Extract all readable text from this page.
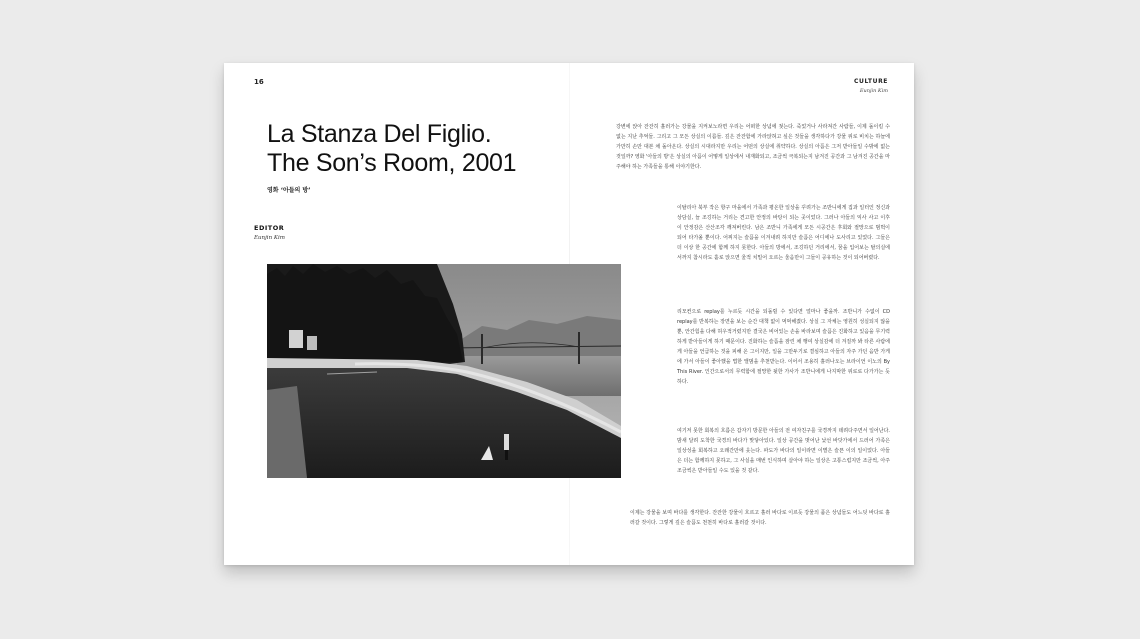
16	CULTURE
Eunjin Kim
La Stanza Del Figlio.
The Son’s Room, 2001
영화 ‘아들의 방’
EDITOR
Eunjin Kim
강변에 앉아 잔잔히 흘러가는 강물을 지켜보노라면 우리는 어떠한 상념에 젖는다. 죽었거나 사라져간 사람들, 이제 돌이킬 수 없는 지난 추억들. 그리고 그 모든 상실의 이름들. 깊은 잔잔함에 가라앉혀고 싶은 것들을 생각하다가 강물 위로 비치는 하늘에 가만히 손만 대본 채 돌아온다. 상실의 시대라지만 우리는 어떤의 상실에 취약하다. 상실의 아픔은 그저 받아들일 수밖에 없는 것일까? 영화 '아들의 방'은 상실의 아픔이 어떻게 일상에서 내재화되고, 조금씩 극복되는지 남겨진 공간과 그 남겨진 공간을 마주해야 하는 가족들을 통해 이야기한다.
이탈리아 북부 작은 항구 마을에서 가족과 평온한 일상을 꾸려가는 조반니에게 집과 일터인 정신과 상담실, 늘 조깅하는 거리는 견고한 안정의 바탕이 되는 곳이었다. 그러나 아들의 익사 사고 이후 이 안정감은 산산조각 깨져버린다. 남은 조반니 가족에게 모든 시공간은 후회와 절망으로 범벅이 되어 타가올 뿐이다. 어찌지는 슬픔을 이겨내려 하지만 슬픔은 어디에나 도사리고 있었다. 그들은 더 이상 한 공간에 함께 하지 못한다. 아들의 방에서, 조깅하던 거리에서, 꿈을 입어보는 탈의실에서까지 참시라도 홀로 앉으면 울적 치밀어 오르는 울음만이 그들이 공유하는 것이 되어버렸다.
리모컨으로 replay를 누르듯 시간을 되돌릴 수 있다면 얼마나 좋을까. 조반니가 수없이 CD replay를 반복하는 장면을 보는 순간 대책 없이 먹먹해졌다. 상실 그 자체는 영원히 성실되지 않을뿐, 안간힘을 다해 허우적거렸지만 결국은 비어있는 손을 바라보며 슬픔은 진화하고 있음을 무기력하게 받아들이게 하기 때문이다. 진화하는 슬픔을 잠린 채 행여 상실감에 더 겨질까 봐 타른 사람에게 아들을 언급하는 것을 피해 온 그이지만, 일을 그만두기로 결심하고 아들의 자주 가던 음반 가게에 가서 아들이 좋아했을 법한 앨범을 추천받는다. 이어서 조용히 흘러나오는 브라이언 이노의 By This River. 인간으로서의 무력함에 절망한 뒷한 가사가 조반니에게 나지막한 위로로 다가가는 듯하다.
여기저 못한 회복의 흐름은 갑자기 방문한 아들의 전 여자친구를 국경까지 데려다주면서 일어난다. 밤새 달려 도착한 국경의 바다가 맞닿아있다. 일상 공간을 벗어난 낯선 바닷가에서 드러어 가족은 일상성을 회복하고 오래간만에 웃는다. 파도가 바다의 일이라면 이별은 슬픈 이의 일이었다. 아들은 더는 함께하지 못하고, 그 사실을 매번 인식하며 살아야 하는 일상은 고통스럽지만 조금씩, 아주 조금씩은 받아들일 수도 있을 것 같다.
이제는 강물을 보며 바다를 생각한다. 잔잔한 강물이 흐르고 흘러 바다로 이르듯 강물의 품은 상념들도 어느덧 바다로 흘러갈 것이다. 그렇게 깊은 슬픔도 천천히 바다로 흘러갈 것이다.
